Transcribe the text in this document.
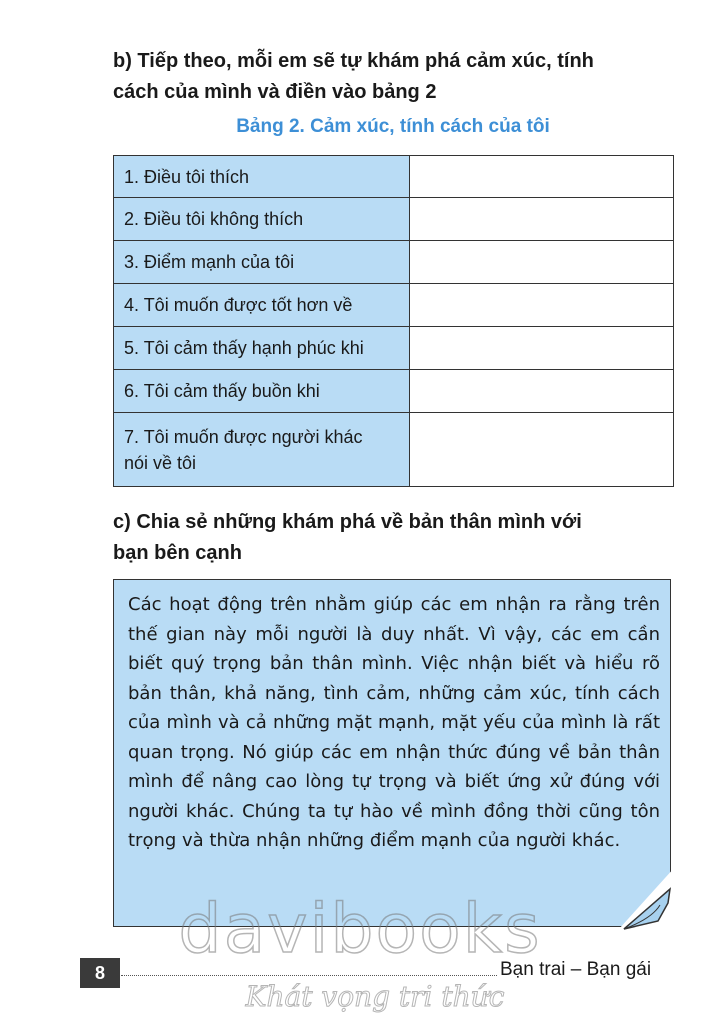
b) Tiếp theo, mỗi em sẽ tự khám phá cảm xúc, tính
cách của mình và điền vào bảng 2
Bảng 2. Cảm xúc, tính cách của tôi
1. Điều tôi thích	
2. Điều tôi không thích	
3. Điểm mạnh của tôi	
4. Tôi muốn được tốt hơn về	
5. Tôi cảm thấy hạnh phúc khi	
6. Tôi cảm thấy buồn khi	

7. Tôi muốn được người khác
nói về tôi	

c) Chia sẻ những khám phá về bản thân mình với
bạn bên cạnh
Các hoạt động trên nhằm giúp các em nhận ra rằng trên thế gian này mỗi người là duy nhất. Vì vậy, các em cần biết quý trọng bản thân mình. Việc nhận biết và hiểu rõ bản thân, khả năng, tình cảm, những cảm xúc, tính cách của mình và cả những mặt mạnh, mặt yếu của mình là rất quan trọng. Nó giúp các em nhận thức đúng về bản thân mình để nâng cao lòng tự trọng và biết ứng xử đúng với người khác. Chúng ta tự hào về mình đồng thời cũng tôn trọng và thừa nhận những điểm mạnh của người khác.
8	Bạn trai – Bạn gái
davibooks
Khát vọng tri thức
